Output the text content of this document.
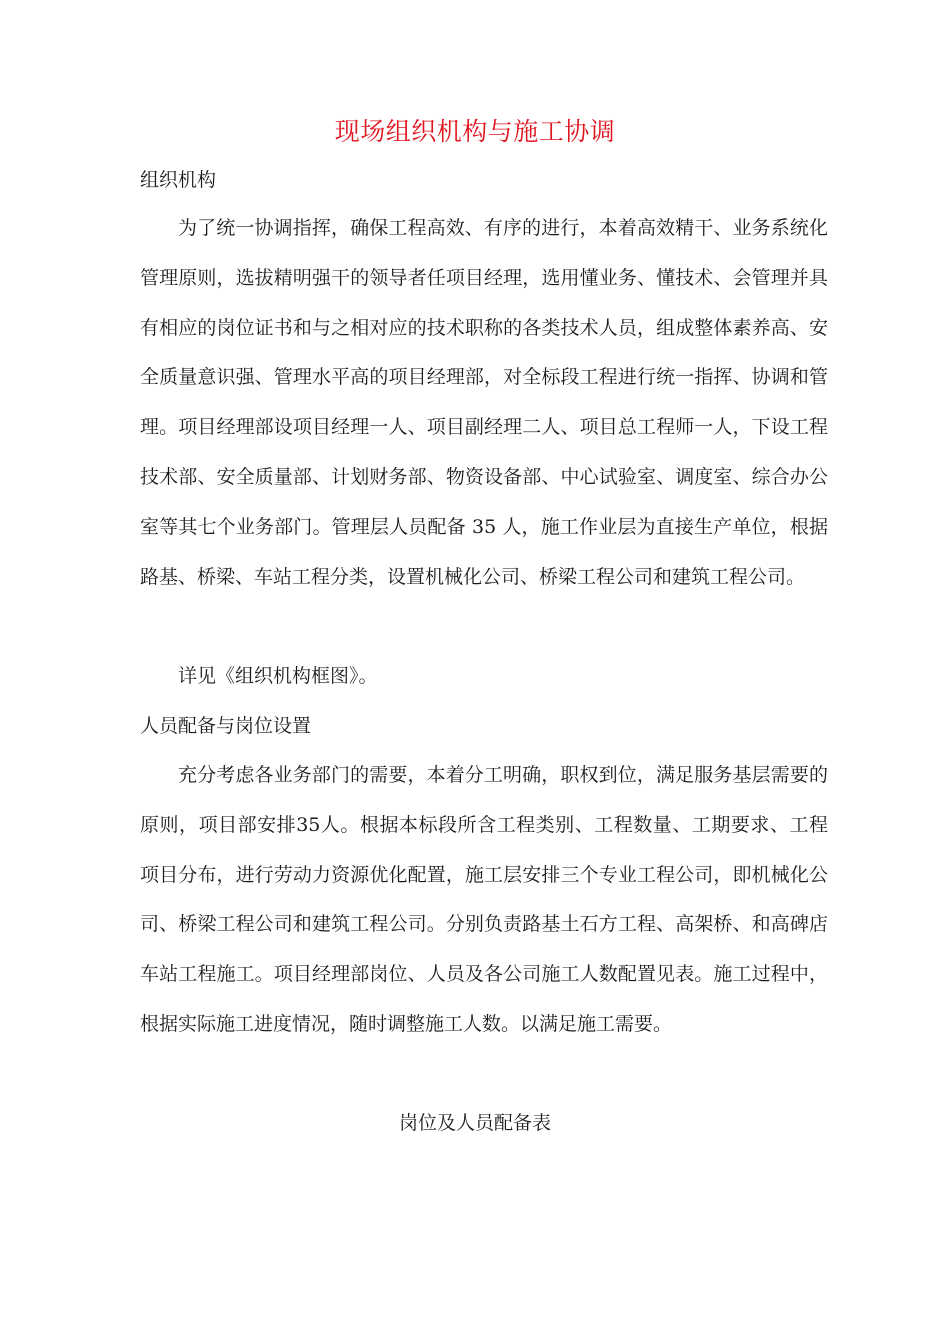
现场组织机构与施工协调
组织机构

为了统一协调指挥，确保工程高效、有序的进行，本着高效精干、业务系统化管理原则，选拔精明强干的领导者任项目经理，选用懂业务、懂技术、会管理并具有相应的岗位证书和与之相对应的技术职称的各类技术人员，组成整体素养高、安全质量意识强、管理水平高的项目经理部，对全标段工程进行统一指挥、协调和管理。项目经理部设项目经理一人、项目副经理二人、项目总工程师一人，下设工程技术部、安全质量部、计划财务部、物资设备部、中心试验室、调度室、综合办公室等其七个业务部门。管理层人员配备 35 人，施工作业层为直接生产单位，根据路基、桥梁、车站工程分类，设置机械化公司、桥梁工程公司和建筑工程公司。

详见《组织机构框图》。

人员配备与岗位设置

充分考虑各业务部门的需要，本着分工明确，职权到位，满足服务基层需要的原则，项目部安排35人。根据本标段所含工程类别、工程数量、工期要求、工程项目分布，进行劳动力资源优化配置，施工层安排三个专业工程公司，即机械化公司、桥梁工程公司和建筑工程公司。分别负责路基土石方工程、高架桥、和高碑店车站工程施工。项目经理部岗位、人员及各公司施工人数配置见表。施工过程中，根据实际施工进度情况，随时调整施工人数。以满足施工需要。

岗位及人员配备表
